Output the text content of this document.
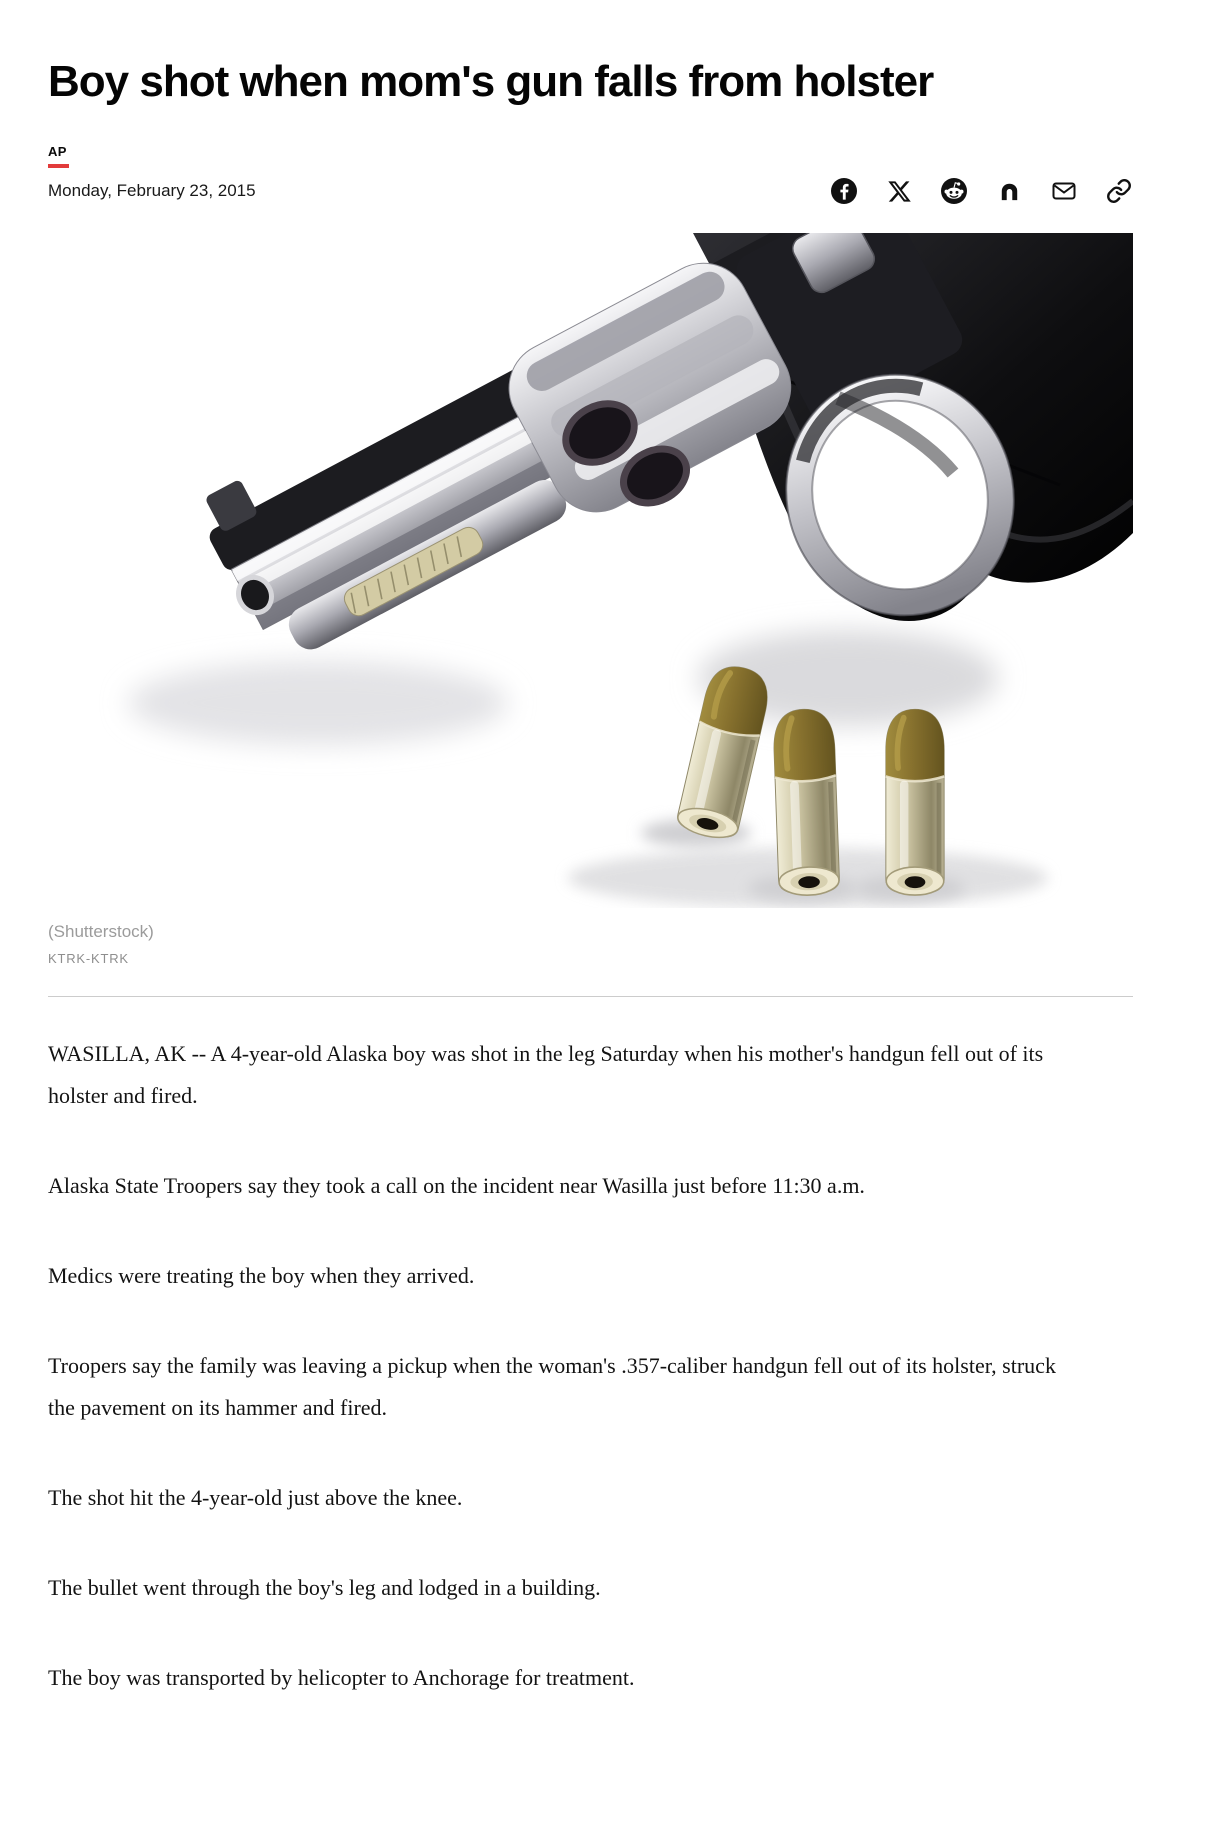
Boy shot when mom's gun falls from holster
AP
Monday, February 23, 2015
(Shutterstock)
KTRK-KTRK

WASILLA, AK -- A 4-year-old Alaska boy was shot in the leg Saturday when his mother's handgun fell out of its holster and fired.

Alaska State Troopers say they took a call on the incident near Wasilla just before 11:30 a.m.

Medics were treating the boy when they arrived.

Troopers say the family was leaving a pickup when the woman's .357-caliber handgun fell out of its holster, struck the pavement on its hammer and fired.

The shot hit the 4-year-old just above the knee.

The bullet went through the boy's leg and lodged in a building.

The boy was transported by helicopter to Anchorage for treatment.
